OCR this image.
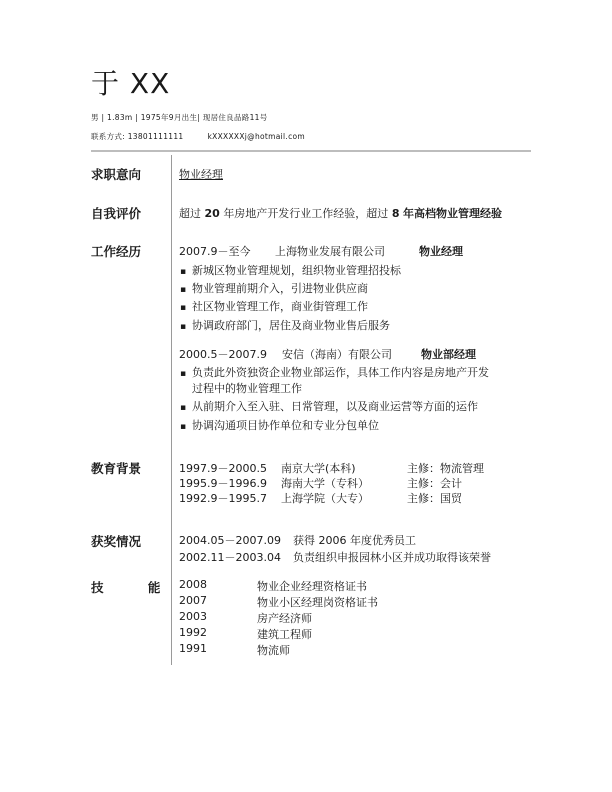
于 XX
男 | 1.83m | 1975年9月出生| 现居住良品路11号
联系方式: 13801111111	kXXXXXXj@hotmail.com
求职意向	物业经理
自我评价	超过 20 年房地产开发行业工作经验，超过 8 年高档物业管理经验
工作经历	2007.9－至今 上海物业发展有限公司	物业经理
▪ 新城区物业管理规划，组织物业管理招投标
▪ 物业管理前期介入，引进物业供应商
▪ 社区物业管理工作，商业街管理工作
▪ 协调政府部门，居住及商业物业售后服务
2000.5－2007.9 安信（海南）有限公司	物业部经理
▪ 负责此外资独资企业物业部运作，具体工作内容是房地产开发
过程中的物业管理工作
▪ 从前期介入至入驻、日常管理，以及商业运营等方面的运作
▪ 协调沟通项目协作单位和专业分包单位
教育背景	1997.9－2000.5 南京大学(本科)	主修：物流管理
1995.9－1996.9 海南大学（专科）	主修：会计
1992.9－1995.7 上海学院（大专）	主修：国贸
获奖情况	2004.05－2007.09 获得 2006 年度优秀员工
2002.11－2003.04 负责组织申报园林小区并成功取得该荣誉
技 能
2008	物业企业经理资格证书
2007	物业小区经理岗资格证书
2003	房产经济师
1992	建筑工程师
1991	物流师
